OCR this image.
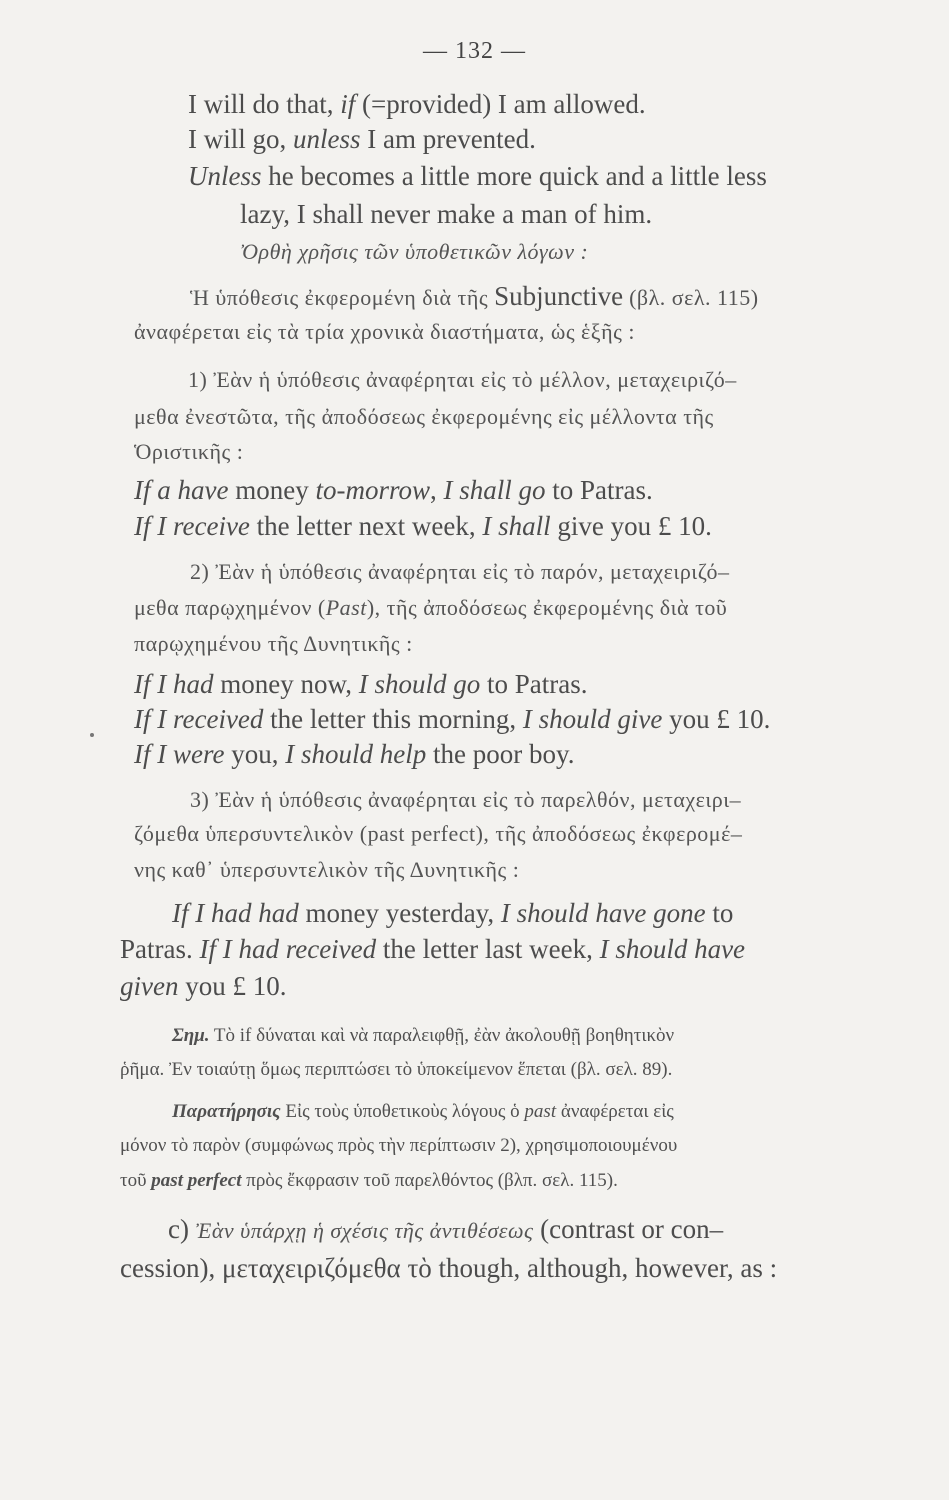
— 132 —
I will do that, if (=provided) I am allowed.
I will go, unless I am prevented.
Unless he becomes a little more quick and a little less
lazy, I shall never make a man of him.
Ὀρθὴ χρῆσις τῶν ὑποθετικῶν λόγων :
Ἡ ὑπόθεσις ἐκφερομένη διὰ τῆς Subjunctive (βλ. σελ. 115)
ἀναφέρεται εἰς τὰ τρία χρονικὰ διαστήματα, ὡς ἑξῆς :
1) Ἐὰν ἡ ὑπόθεσις ἀναφέρηται εἰς τὸ μέλλον, μεταχειριζό–
μεθα ἐνεστῶτα, τῆς ἀποδόσεως ἐκφερομένης εἰς μέλλοντα τῆς
Ὁριστικῆς :
If a have money to-morrow, I shall go to Patras.
If I receive the letter next week, I shall give you £ 10.
2) Ἐὰν ἡ ὑπόθεσις ἀναφέρηται εἰς τὸ παρόν, μεταχειριζό–
μεθα παρῳχημένον (Past), τῆς ἀποδόσεως ἐκφερομένης διὰ τοῦ
παρῳχημένου τῆς Δυνητικῆς :
If I had money now, I should go to Patras.
If I received the letter this morning, I should give you £ 10.
If I were you, I should help the poor boy.
3) Ἐὰν ἡ ὑπόθεσις ἀναφέρηται εἰς τὸ παρελθόν, μεταχειρι–
ζόμεθα ὑπερσυντελικὸν (past perfect), τῆς ἀποδόσεως ἐκφερομέ–
νης καθ᾽ ὑπερσυντελικὸν τῆς Δυνητικῆς :
If I had had money yesterday, I should have gone to
Patras. If I had received the letter last week, I should have
given you £ 10.
Σημ. Τὸ if δύναται καὶ νὰ παραλειφθῇ, ἐὰν ἀκολουθῇ βοηθητικὸν
ῥῆμα. Ἐν τοιαύτῃ ὅμως περιπτώσει τὸ ὑποκείμενον ἕπεται (βλ. σελ. 89).
Παρατήρησις Εἰς τοὺς ὑποθετικοὺς λόγους ὁ past ἀναφέρεται εἰς
μόνον τὸ παρὸν (συμφώνως πρὸς τὴν περίπτωσιν 2), χρησιμοποιουμένου
τοῦ past perfect πρὸς ἔκφρασιν τοῦ παρελθόντος (βλπ. σελ. 115).
c) Ἐὰν ὑπάρχῃ ἡ σχέσις τῆς ἀντιθέσεως (contrast or con–
cession), μεταχειριζόμεθα τὸ though, although, however, as :
